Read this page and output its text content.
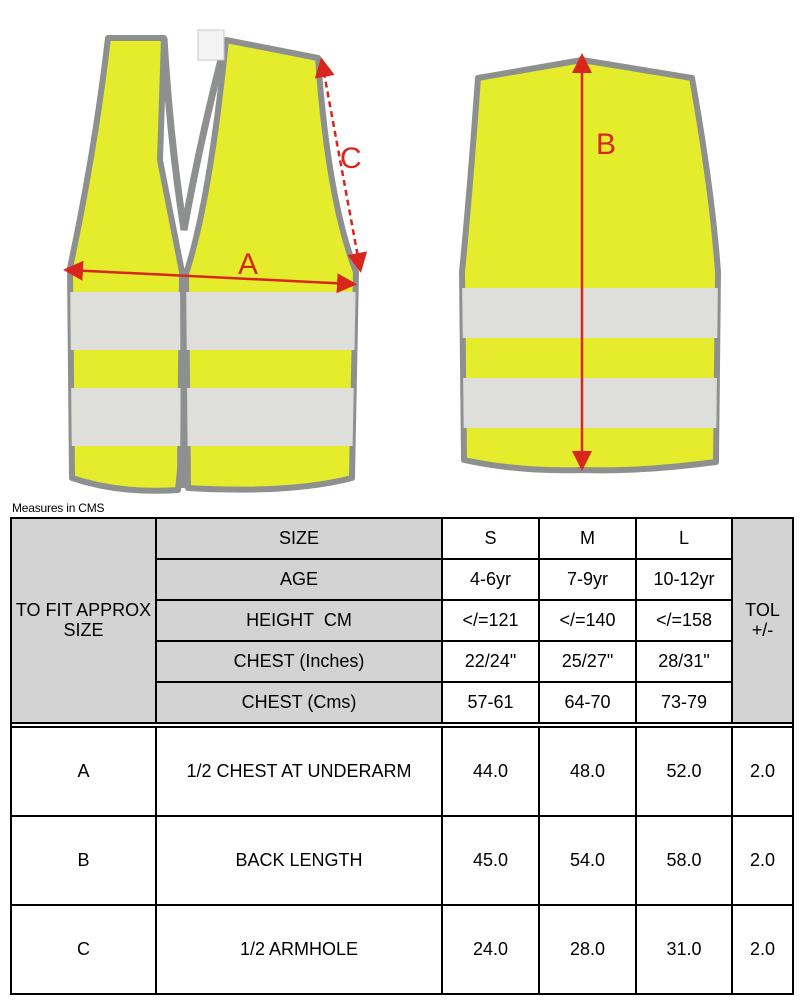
A
B
C
Measures in CMS
TO FIT APPROX SIZE	SIZE	S	M	L	TOL +/-
	AGE	4-6yr	7-9yr	10-12yr	
	HEIGHT  CM	</=121	</=140	</=158	
	CHEST (Inches)	22/24"	25/27"	28/31"	
	CHEST (Cms)	57-61	64-70	73-79	

A	1/2 CHEST AT UNDERARM	44.0	48.0	52.0	2.0
B	BACK LENGTH	45.0	54.0	58.0	2.0
C	1/2 ARMHOLE	24.0	28.0	31.0	2.0
